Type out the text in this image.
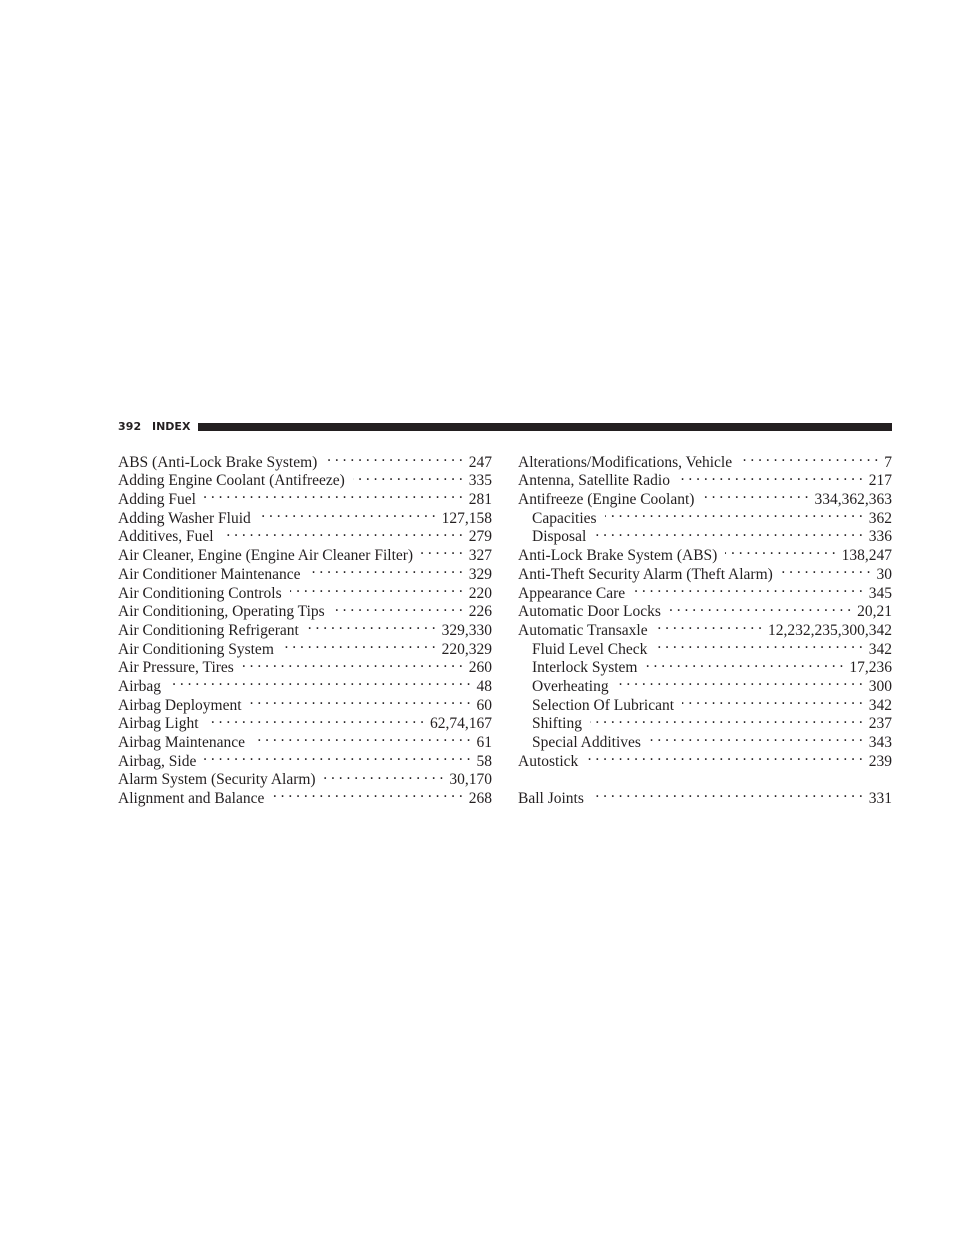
392 INDEX
ABS (Anti-Lock Brake System) . . .	247
Adding Engine Coolant (Antifreeze) . . .	335
Adding Fuel . . .	281
Adding Washer Fluid . . .	127,158
Additives, Fuel . . .	279
Air Cleaner, Engine (Engine Air Cleaner Filter) . . .	327
Air Conditioner Maintenance . . .	329
Air Conditioning Controls . . .	220
Air Conditioning, Operating Tips . . .	226
Air Conditioning Refrigerant . . .	329,330
Air Conditioning System . . .	220,329
Air Pressure, Tires . . .	260
Airbag . . .	48
Airbag Deployment . . .	60
Airbag Light . . .	62,74,167
Airbag Maintenance . . .	61
Airbag, Side . . .	58
Alarm System (Security Alarm) . . .	30,170
Alignment and Balance . . .	268
Alterations/Modifications, Vehicle . . .	7
Antenna, Satellite Radio . . .	217
Antifreeze (Engine Coolant) . . .	334,362,363
Capacities . . .	362
Disposal . . .	336
Anti-Lock Brake System (ABS) . . .	138,247
Anti-Theft Security Alarm (Theft Alarm) . . .	30
Appearance Care . . .	345
Automatic Door Locks . . .	20,21
Automatic Transaxle . . .	12,232,235,300,342
Fluid Level Check . . .	342
Interlock System . . .	17,236
Overheating . . .	300
Selection Of Lubricant . . .	342
Shifting . . .	237
Special Additives . . .	343
Autostick . . .	239
Ball Joints . . .	331
